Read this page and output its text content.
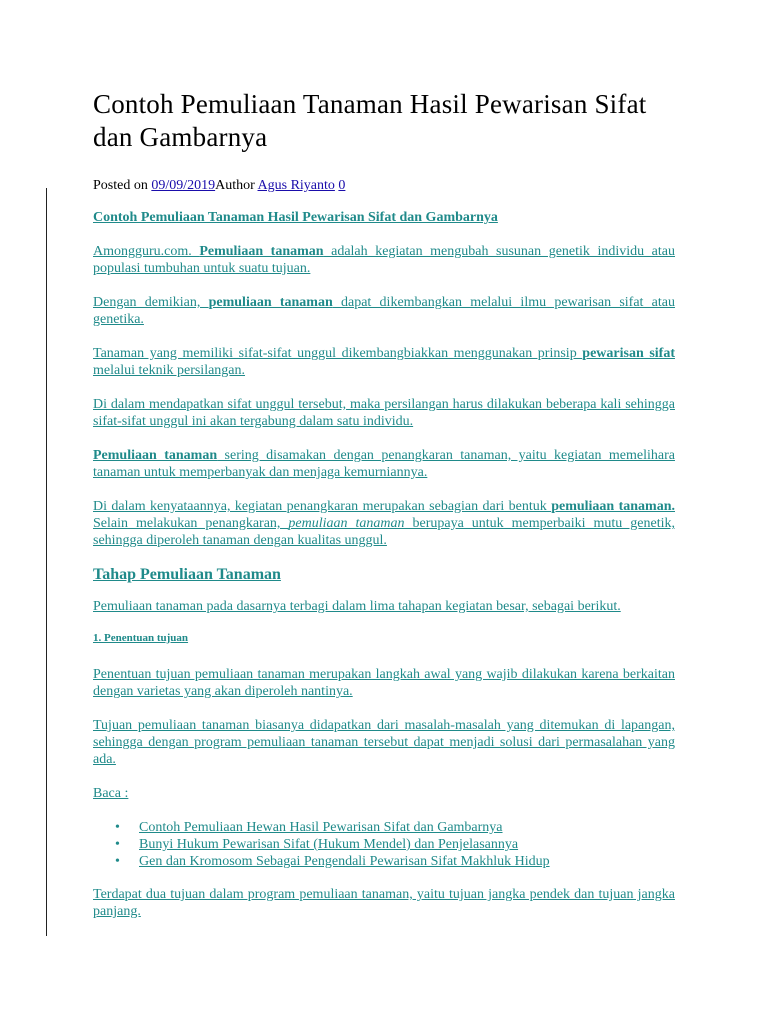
Contoh Pemuliaan Tanaman Hasil Pewarisan Sifat dan Gambarnya
Posted on 09/09/2019Author Agus Riyanto 0
Contoh Pemuliaan Tanaman Hasil Pewarisan Sifat dan Gambarnya

Amongguru.com. Pemuliaan tanaman adalah kegiatan mengubah susunan genetik individu atau populasi tumbuhan untuk suatu tujuan.

Dengan demikian, pemuliaan tanaman dapat dikembangkan melalui ilmu pewarisan sifat atau genetika.

Tanaman yang memiliki sifat-sifat unggul dikembangbiakkan menggunakan prinsip pewarisan sifat melalui teknik persilangan.

Di dalam mendapatkan sifat unggul tersebut, maka persilangan harus dilakukan beberapa kali sehingga sifat-sifat unggul ini akan tergabung dalam satu individu.

Pemuliaan tanaman sering disamakan dengan penangkaran tanaman, yaitu kegiatan memelihara tanaman untuk memperbanyak dan menjaga kemurniannya.

Di dalam kenyataannya, kegiatan penangkaran merupakan sebagian dari bentuk pemuliaan tanaman. Selain melakukan penangkaran, pemuliaan tanaman berupaya untuk memperbaiki mutu genetik, sehingga diperoleh tanaman dengan kualitas unggul.

Tahap Pemuliaan Tanaman

Pemuliaan tanaman pada dasarnya terbagi dalam lima tahapan kegiatan besar, sebagai berikut.

1. Penentuan tujuan

Penentuan tujuan pemuliaan tanaman merupakan langkah awal yang wajib dilakukan karena berkaitan dengan varietas yang akan diperoleh nantinya.

Tujuan pemuliaan tanaman biasanya didapatkan dari masalah-masalah yang ditemukan di lapangan, sehingga dengan program pemuliaan tanaman tersebut dapat menjadi solusi dari permasalahan yang ada.

Baca :

• Contoh Pemuliaan Hewan Hasil Pewarisan Sifat dan Gambarnya
• Bunyi Hukum Pewarisan Sifat (Hukum Mendel) dan Penjelasannya
• Gen dan Kromosom Sebagai Pengendali Pewarisan Sifat Makhluk Hidup

Terdapat dua tujuan dalam program pemuliaan tanaman, yaitu tujuan jangka pendek dan tujuan jangka panjang.
